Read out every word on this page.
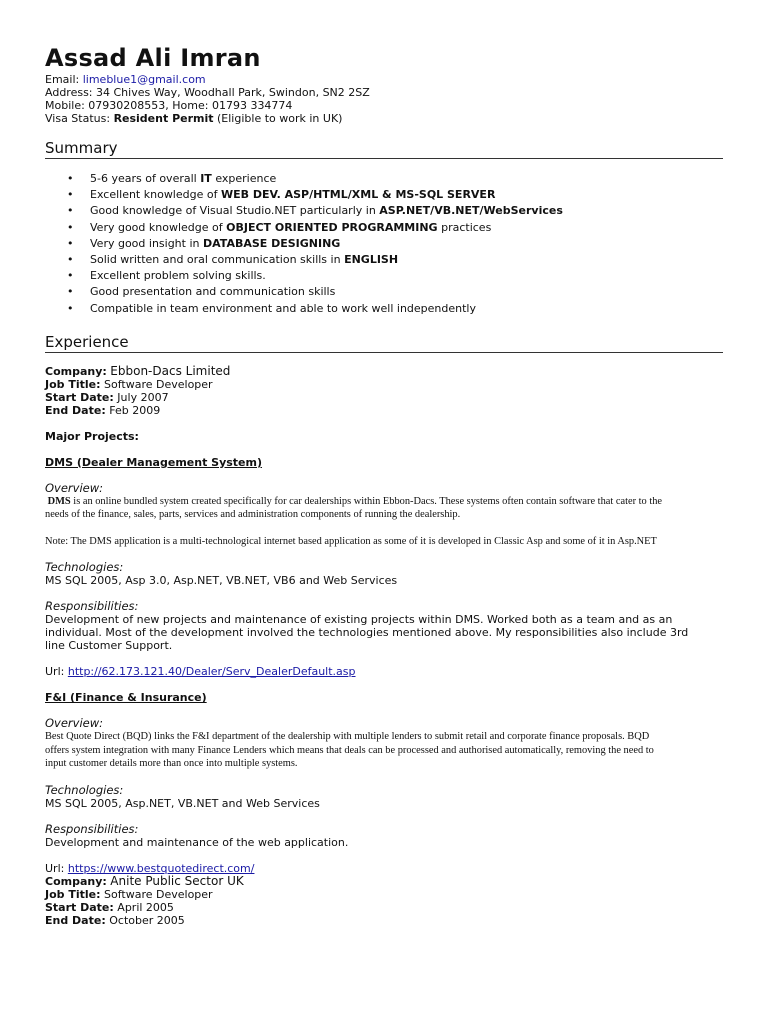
Assad Ali Imran
Email: limeblue1@gmail.com
Address: 34 Chives Way, Woodhall Park, Swindon, SN2 2SZ
Mobile: 07930208553, Home: 01793 334774
Visa Status: Resident Permit (Eligible to work in UK)
Summary
• 5-6 years of overall IT experience
• Excellent knowledge of WEB DEV. ASP/HTML/XML & MS-SQL SERVER
• Good knowledge of Visual Studio.NET particularly in ASP.NET/VB.NET/WebServices
• Very good knowledge of OBJECT ORIENTED PROGRAMMING practices
• Very good insight in DATABASE DESIGNING
• Solid written and oral communication skills in ENGLISH
• Excellent problem solving skills.
• Good presentation and communication skills
• Compatible in team environment and able to work well independently
Experience
Company: Ebbon-Dacs Limited
Job Title: Software Developer
Start Date: July 2007
End Date: Feb 2009
Major Projects:
DMS (Dealer Management System)
Overview:
DMS is an online bundled system created specifically for car dealerships within Ebbon-Dacs. These systems often contain software that cater to the
needs of the finance, sales, parts, services and administration components of running the dealership.
Note: The DMS application is a multi-technological internet based application as some of it is developed in Classic Asp and some of it in Asp.NET
Technologies:
MS SQL 2005, Asp 3.0, Asp.NET, VB.NET, VB6 and Web Services
Responsibilities:
Development of new projects and maintenance of existing projects within DMS. Worked both as a team and as an
individual. Most of the development involved the technologies mentioned above. My responsibilities also include 3rd
line Customer Support.
Url: http://62.173.121.40/Dealer/Serv_DealerDefault.asp
F&I (Finance & Insurance)
Overview:
Best Quote Direct (BQD) links the F&I department of the dealership with multiple lenders to submit retail and corporate finance proposals. BQD
offers system integration with many Finance Lenders which means that deals can be processed and authorised automatically, removing the need to
input customer details more than once into multiple systems.
Technologies:
MS SQL 2005, Asp.NET, VB.NET and Web Services
Responsibilities:
Development and maintenance of the web application.
Url: https://www.bestquotedirect.com/
Company: Anite Public Sector UK
Job Title: Software Developer
Start Date: April 2005
End Date: October 2005
